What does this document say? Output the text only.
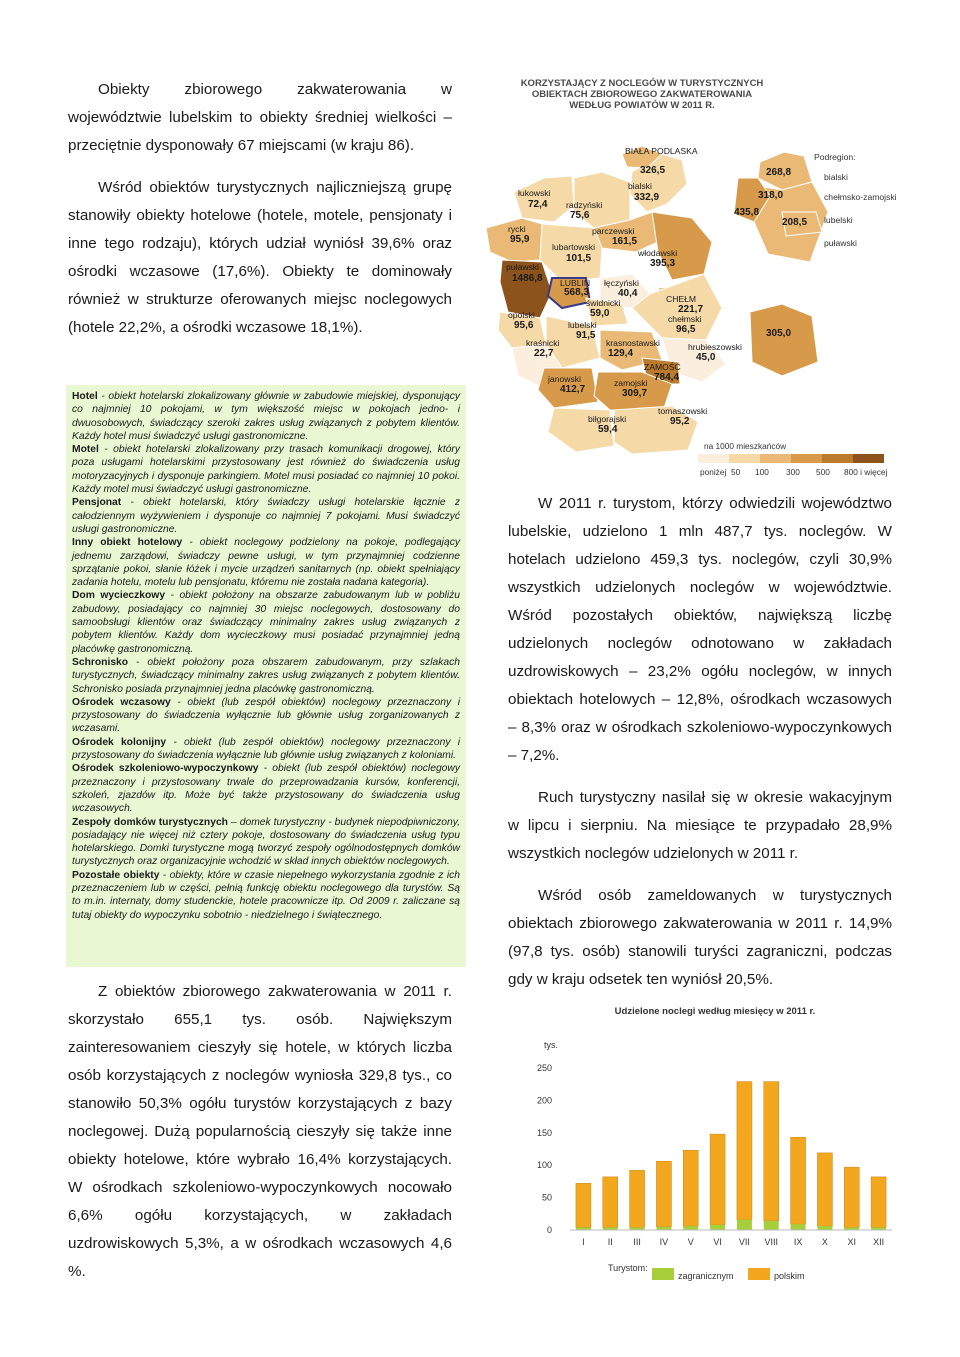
Obiekty zbiorowego zakwaterowania w województwie lubelskim to obiekty średniej wielkości – przeciętnie dysponowały 67 miejscami (w kraju 86).

Wśród obiektów turystycznych najliczniejszą grupę stanowiły obiekty hotelowe (hotele, motele, pensjonaty i inne tego rodzaju), których udział wyniósł 39,6% oraz ośrodki wczasowe (17,6%). Obiekty te dominowały również w strukturze oferowanych miejsc noclegowych (hotele 22,2%, a ośrodki wczasowe 18,1%).

Hotel - obiekt hotelarski zlokalizowany głównie w zabudowie miejskiej, dysponujący co najmniej 10 pokojami, w tym większość miejsc w pokojach jedno- i dwuosobowych, świadczący szeroki zakres usług związanych z pobytem klientów. Każdy hotel musi świadczyć usługi gastronomiczne.

Motel - obiekt hotelarski zlokalizowany przy trasach komunikacji drogowej, który poza usługami hotelarskimi przystosowany jest również do świadczenia usług motoryzacyjnych i dysponuje parkingiem. Motel musi posiadać co najmniej 10 pokoi. Każdy motel musi świadczyć usługi gastronomiczne.

Pensjonat - obiekt hotelarski, który świadczy usługi hotelarskie łącznie z całodziennym wyżywieniem i dysponuje co najmniej 7 pokojami. Musi świadczyć usługi gastronomiczne.

Inny obiekt hotelowy - obiekt noclegowy podzielony na pokoje, podlegający jednemu zarządowi, świadczy pewne usługi, w tym przynajmniej codzienne sprzątanie pokoi, słanie łóżek i mycie urządzeń sanitarnych (np. obiekt spełniający zadania hotelu, motelu lub pensjonatu, któremu nie została nadana kategoria).

Dom wycieczkowy - obiekt położony na obszarze zabudowanym lub w pobliżu zabudowy, posiadający co najmniej 30 miejsc noclegowych, dostosowany do samoobsługi klientów oraz świadczący minimalny zakres usług związanych z pobytem klientów. Każdy dom wycieczkowy musi posiadać przynajmniej jedną placówkę gastronomiczną.

Schronisko - obiekt położony poza obszarem zabudowanym, przy szlakach turystycznych, świadczący minimalny zakres usług związanych z pobytem klientów. Schronisko posiada przynajmniej jedna placówkę gastronomiczną.

Ośrodek wczasowy - obiekt (lub zespół obiektów) noclegowy przeznaczony i przystosowany do świadczenia wyłącznie lub głównie usług zorganizowanych z wczasami.

Ośrodek kolonijny - obiekt (lub zespół obiektów) noclegowy przeznaczony i przystosowany do świadczenia wyłącznie lub głównie usług związanych z koloniami.

Ośrodek szkoleniowo-wypoczynkowy - obiekt (lub zespół obiektów) noclegowy przeznaczony i przystosowany trwale do przeprowadzania kursów, konferencji, szkoleń, zjazdów itp. Może być także przystosowany do świadczenia usług wczasowych.

Zespoły domków turystycznych – domek turystyczny - budynek niepodpiwniczony, posiadający nie więcej niż cztery pokoje, dostosowany do świadczenia usług typu hotelarskiego. Domki turystyczne mogą tworzyć zespoły ogólnodostępnych domków turystycznych oraz organizacyjnie wchodzić w skład innych obiektów noclegowych.

Pozostałe obiekty - obiekty, które w czasie niepełnego wykorzystania zgodnie z ich przeznaczeniem lub w części, pełnią funkcję obiektu noclegowego dla turystów. Są to m.in. internaty, domy studenckie, hotele pracownicze itp. Od 2009 r. zaliczane są tutaj obiekty do wypoczynku sobotnio - niedzielnego i świątecznego.

Z obiektów zbiorowego zakwaterowania w 2011 r. skorzystało 655,1 tys. osób. Największym zainteresowaniem cieszyły się hotele, w których liczba osób korzystających z noclegów wyniosła 329,8 tys., co stanowiło 50,3% ogółu turystów korzystających z bazy noclegowej. Dużą popularnością cieszyły się także inne obiekty hotelowe, które wybrało 16,4% korzystających. W ośrodkach szkoleniowo-wypoczynkowych nocowało 6,6% ogółu korzystających, w zakładach uzdrowiskowych 5,3%, a w ośrodkach wczasowych 4,6 %.

KORZYSTAJĄCY Z NOCLEGÓW W TURYSTYCZNYCH
OBIEKTACH ZBIOROWEGO ZAKWATEROWANIA
WEDŁUG POWIATÓW W 2011 R.
BIAŁA PODLASKA
326,5
bialski
332,9
łukowski
72,4 radzyński
75,6
rycki
95,9
parczewski
161,5
lubartowski
101,5	włodawski
395,3
puławski
1486,8 LUBLIN
568,3
łęczyński
40,4
świdnicki
59,0
opolski
95,6	lubelski
91,5
CHEŁM
221,7
chełmski
96,5
kraśnicki
22,7
krasnostawski
129,4
hrubieszowski
45,0
ZAMOŚĆ
784,4
janowski
412,7
zamojski
309,7
biłgorajski
59,4
tomaszowski
95,2
Podregion:
bialski
chełmsko-zamojski
lubelski
puławski
268,8
318,0
435,8
208,5
305,0
na 1000 mieszkańców
poniżej 50 100 300 500 800 i więcej

W 2011 r. turystom, którzy odwiedzili województwo lubelskie, udzielono 1 mln 487,7 tys. noclegów. W hotelach udzielono 459,3 tys. noclegów, czyli 30,9% wszystkich udzielonych noclegów w województwie. Wśród pozostałych obiektów, największą liczbę udzielonych noclegów odnotowano w zakładach uzdrowiskowych – 23,2% ogółu noclegów, w innych obiektach hotelowych – 12,8%, ośrodkach wczasowych – 8,3% oraz w ośrodkach szkoleniowo-wypoczynkowych – 7,2%.

Ruch turystyczny nasilał się w okresie wakacyjnym w lipcu i sierpniu. Na miesiące te przypadało 28,9% wszystkich noclegów udzielonych w 2011 r.

Wśród osób zameldowanych w turystycznych obiektach zbiorowego zakwaterowania w 2011 r. 14,9% (97,8 tys. osób) stanowili turyści zagraniczni, podczas gdy w kraju odsetek ten wyniósł 20,5%.

Udzielone noclegi według miesięcy w 2011 r.
tys.
0
50
100
150
200
250
I	II III IV V VI VII VIII IX X XI XII
Turystom:
zagranicznym	polskim
